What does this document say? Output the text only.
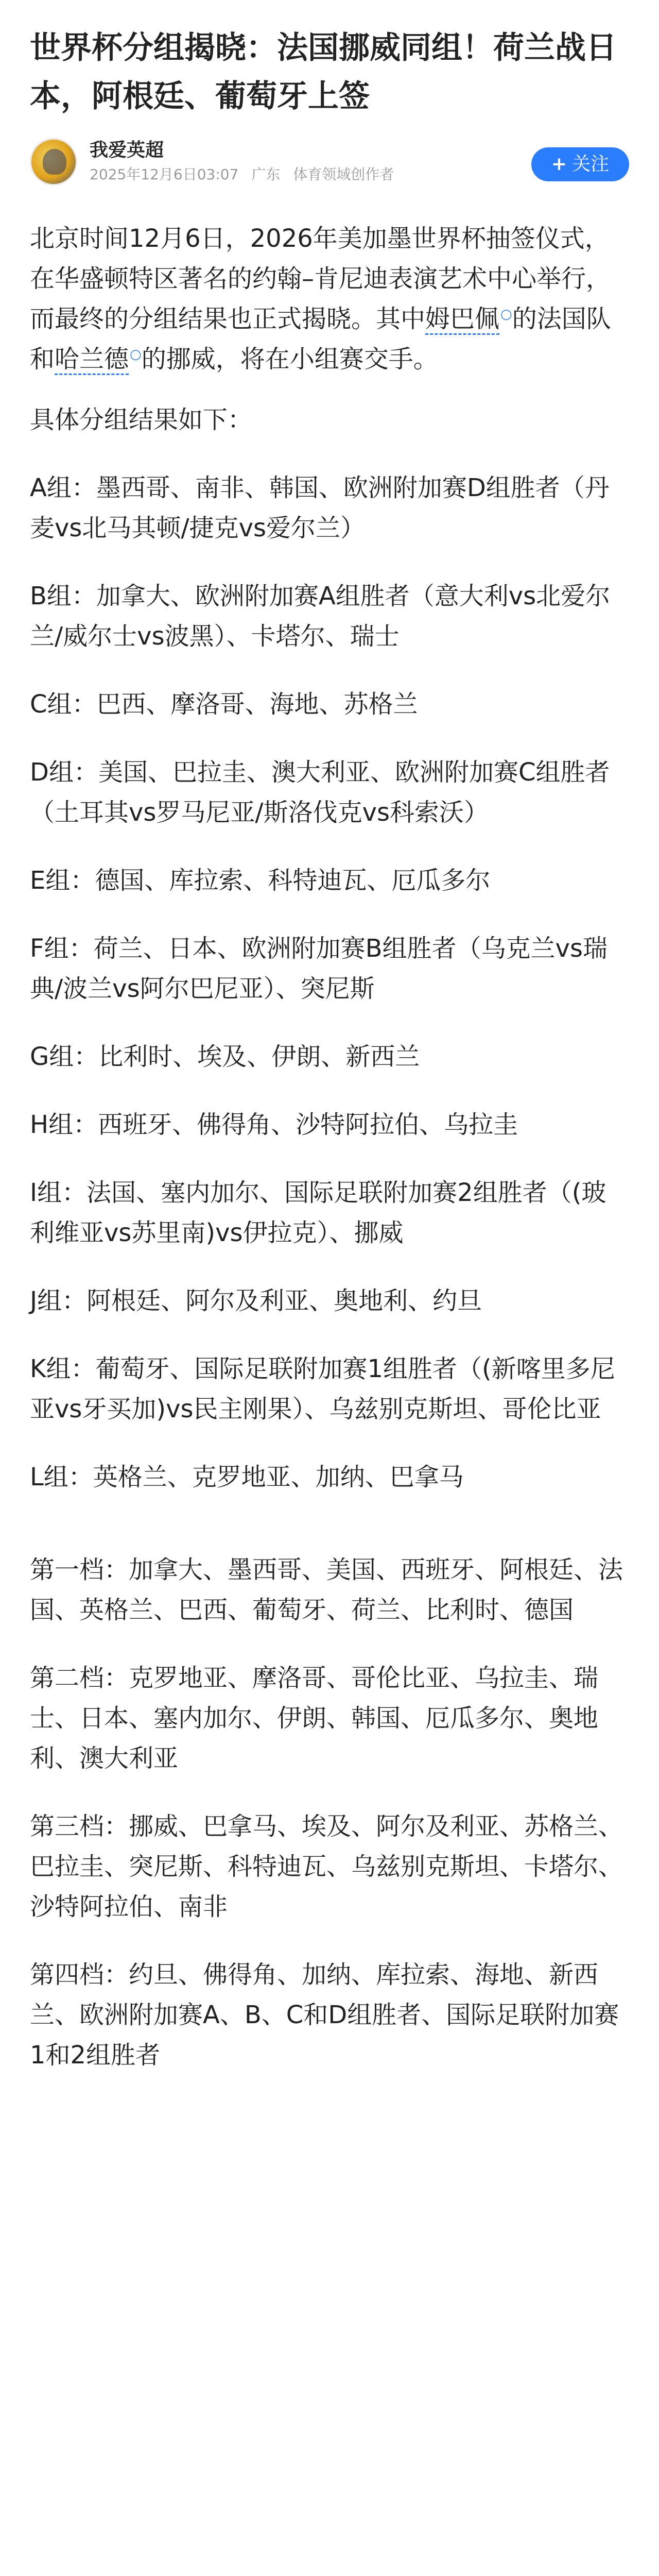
世界杯分组揭晓：法国挪威同组！荷兰战日本，阿根廷、葡萄牙上签
我爱英超
2025年12月6日03:07 广东 体育领域创作者	+ 关注

北京时间12月6日，2026年美加墨世界杯抽签仪式，在华盛顿特区著名的约翰–肯尼迪表演艺术中心举行，而最终的分组结果也正式揭晓。其中姆巴佩○的法国队和哈兰德○的挪威，将在小组赛交手。

具体分组结果如下：

A组：墨西哥、南非、韩国、欧洲附加赛D组胜者（丹麦vs北马其顿/捷克vs爱尔兰）

B组：加拿大、欧洲附加赛A组胜者（意大利vs北爱尔兰/威尔士vs波黑）、卡塔尔、瑞士

C组：巴西、摩洛哥、海地、苏格兰

D组：美国、巴拉圭、澳大利亚、欧洲附加赛C组胜者（土耳其vs罗马尼亚/斯洛伐克vs科索沃）

E组：德国、库拉索、科特迪瓦、厄瓜多尔

F组：荷兰、日本、欧洲附加赛B组胜者（乌克兰vs瑞典/波兰vs阿尔巴尼亚）、突尼斯

G组：比利时、埃及、伊朗、新西兰

H组：西班牙、佛得角、沙特阿拉伯、乌拉圭

I组：法国、塞内加尔、国际足联附加赛2组胜者（(玻利维亚vs苏里南)vs伊拉克）、挪威

J组：阿根廷、阿尔及利亚、奥地利、约旦

K组：葡萄牙、国际足联附加赛1组胜者（(新喀里多尼亚vs牙买加)vs民主刚果）、乌兹别克斯坦、哥伦比亚

L组：英格兰、克罗地亚、加纳、巴拿马

第一档：加拿大、墨西哥、美国、西班牙、阿根廷、法国、英格兰、巴西、葡萄牙、荷兰、比利时、德国

第二档：克罗地亚、摩洛哥、哥伦比亚、乌拉圭、瑞士、日本、塞内加尔、伊朗、韩国、厄瓜多尔、奥地利、澳大利亚

第三档：挪威、巴拿马、埃及、阿尔及利亚、苏格兰、巴拉圭、突尼斯、科特迪瓦、乌兹别克斯坦、卡塔尔、沙特阿拉伯、南非

第四档：约旦、佛得角、加纳、库拉索、海地、新西兰、欧洲附加赛A、B、C和D组胜者、国际足联附加赛1和2组胜者
